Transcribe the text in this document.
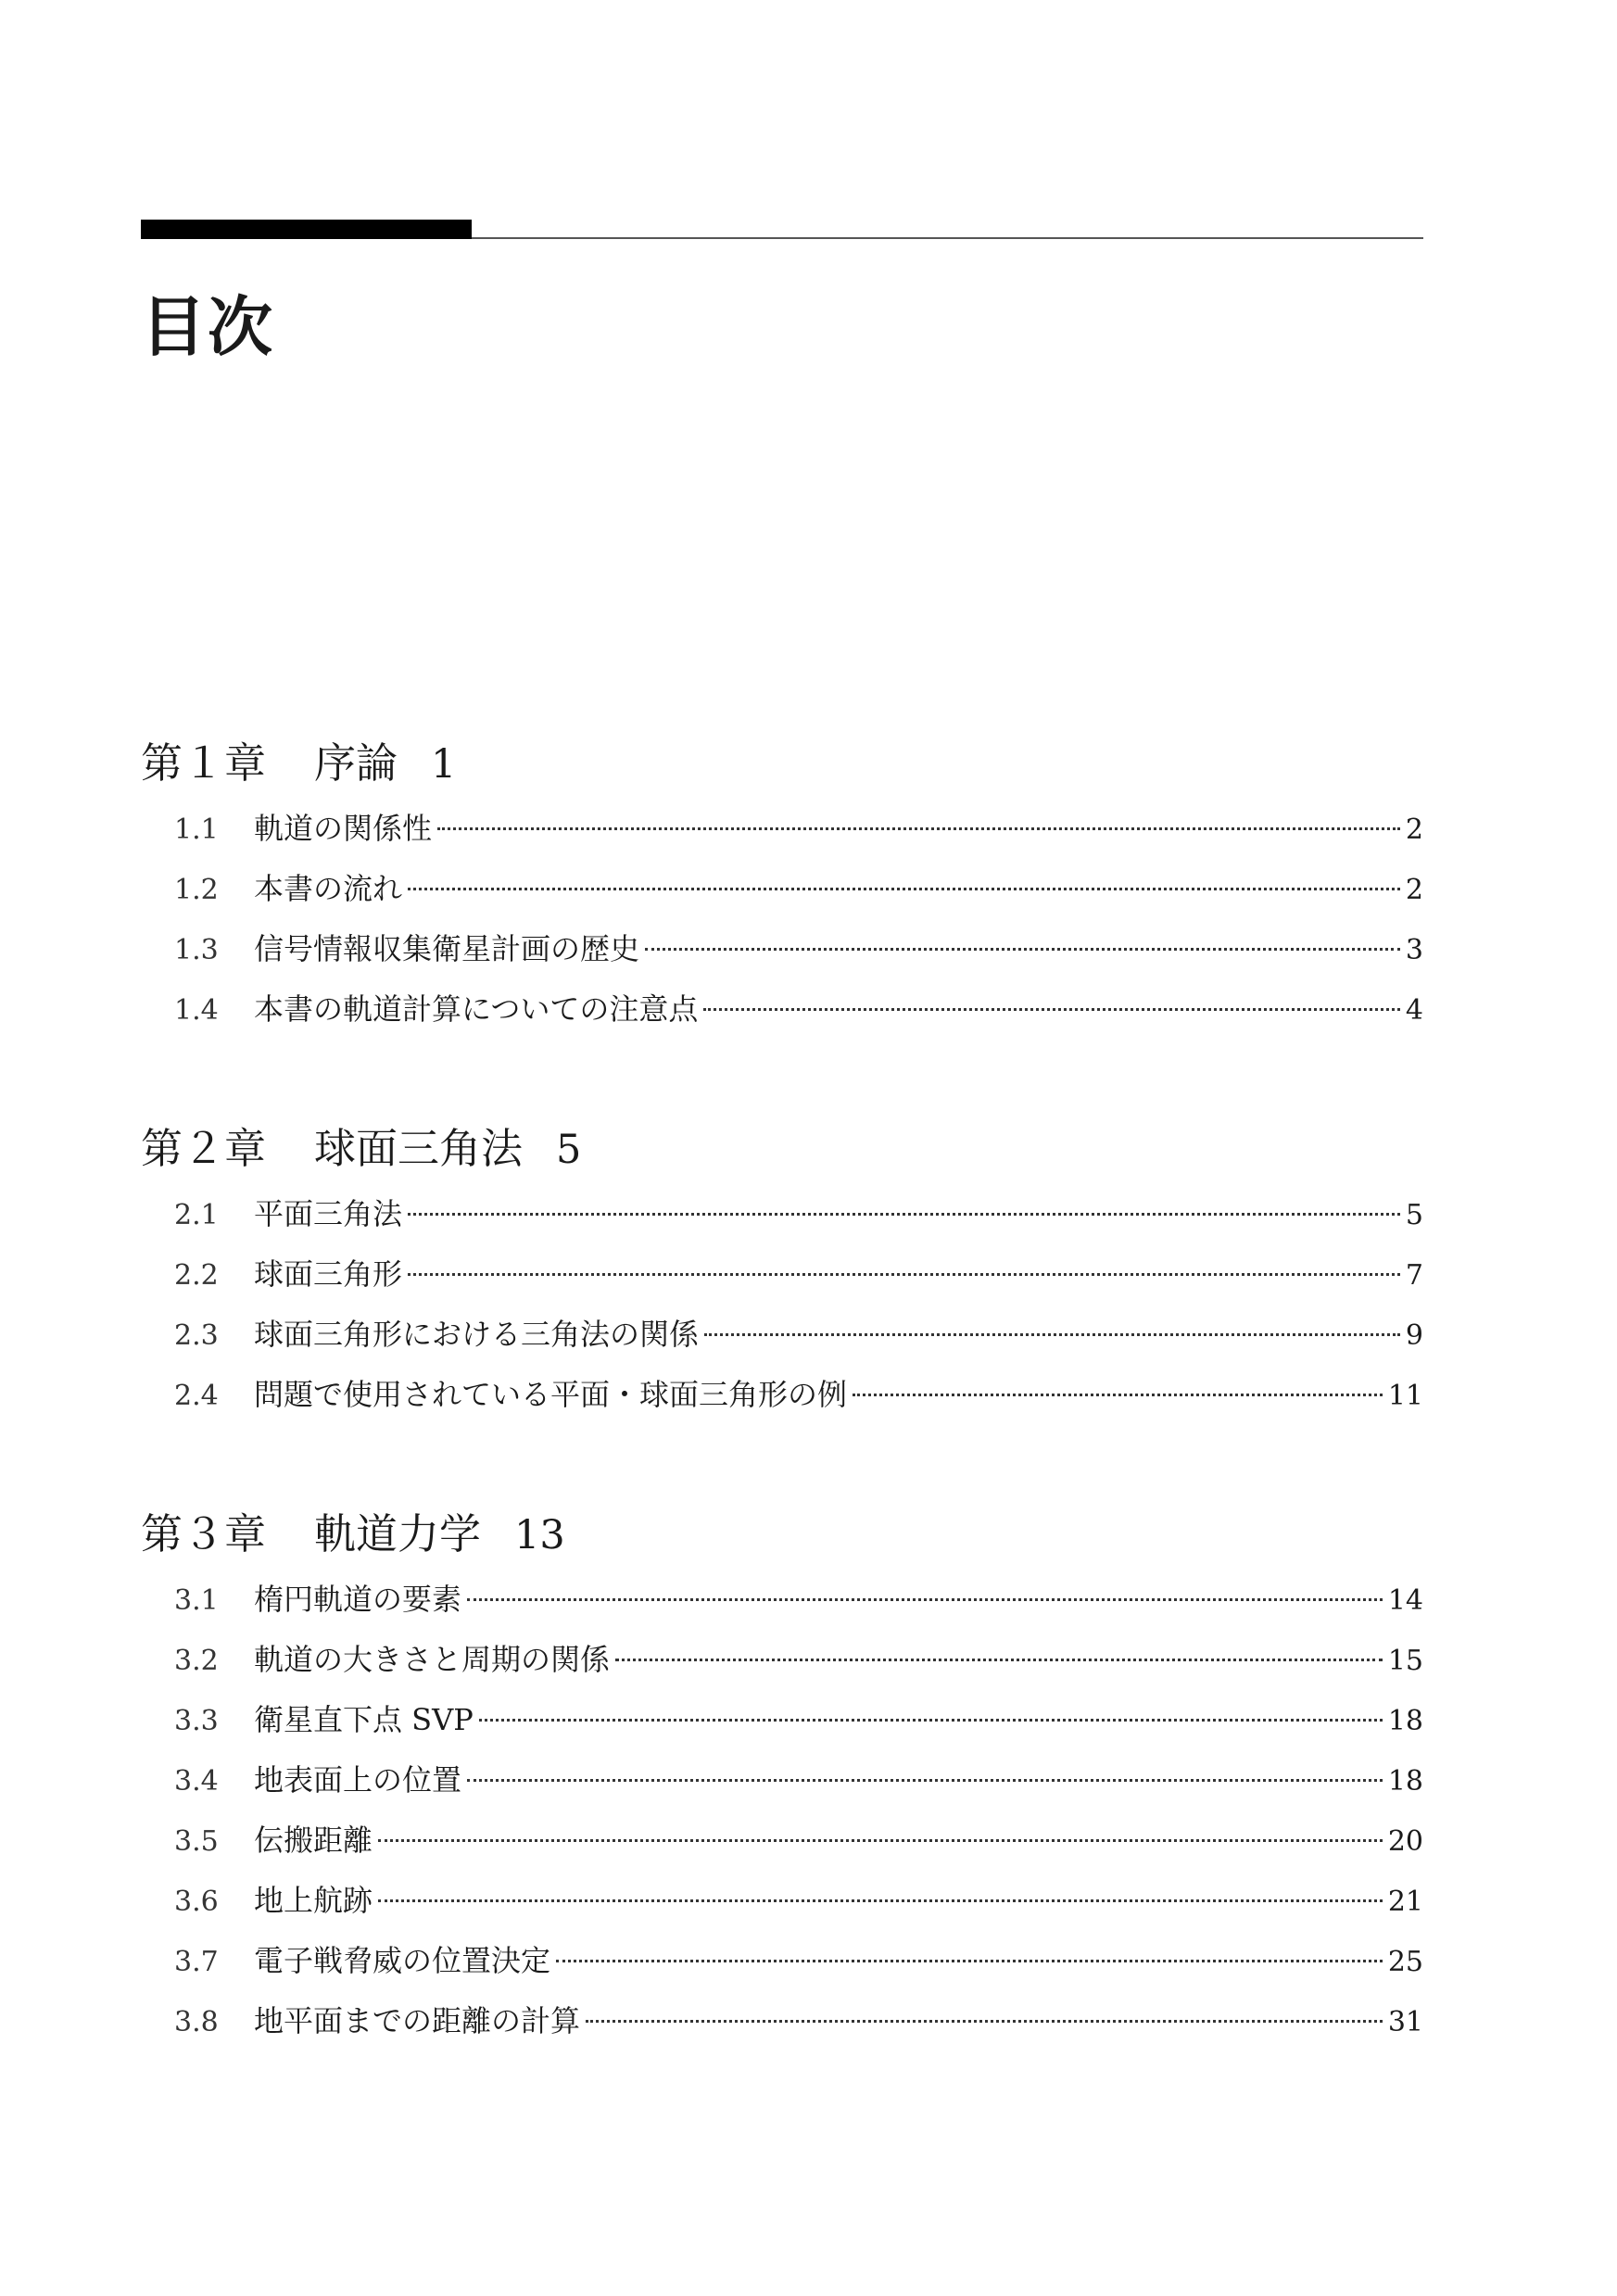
目次
第１章 序論 1
1.1	軌道の関係性	2
1.2	本書の流れ	2
1.3	信号情報収集衛星計画の歴史	3
1.4	本書の軌道計算についての注意点	4
第２章 球面三角法 5
2.1	平面三角法	5
2.2	球面三角形	7
2.3	球面三角形における三角法の関係	9
2.4	問題で使用されている平面・球面三角形の例	11
第３章 軌道力学 13
3.1	楕円軌道の要素	14
3.2	軌道の大きさと周期の関係	15
3.3	衛星直下点 SVP	18
3.4	地表面上の位置	18
3.5	伝搬距離	20
3.6	地上航跡	21
3.7	電子戦脅威の位置決定	25
3.8	地平面までの距離の計算	31
